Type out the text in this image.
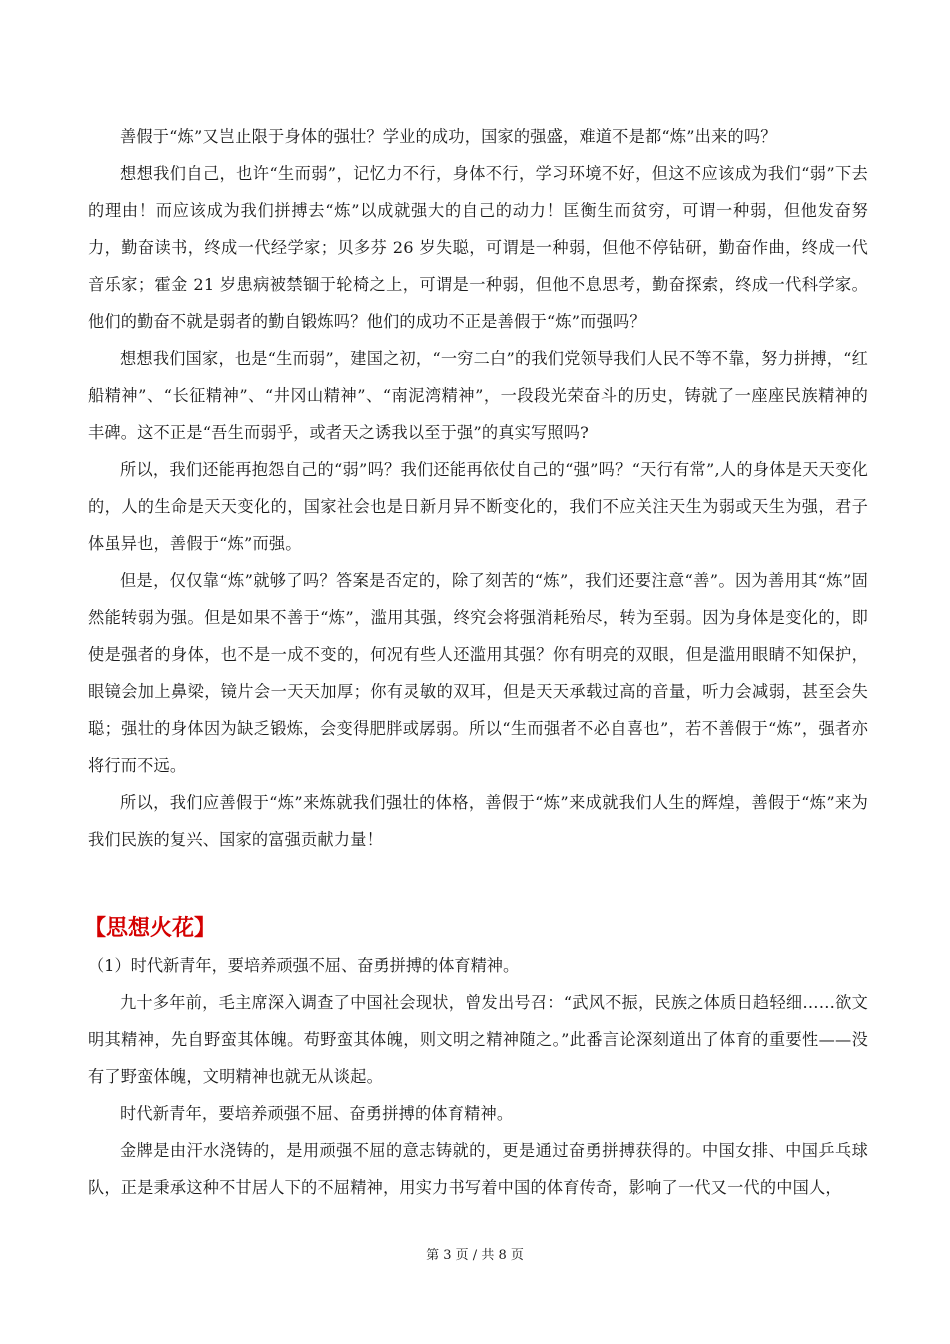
善假于“炼”又岂止限于身体的强壮？学业的成功，国家的强盛，难道不是都“炼”出来的吗？

想想我们自己，也许“生而弱”，记忆力不行，身体不行，学习环境不好，但这不应该成为我们“弱”下去的理由！而应该成为我们拼搏去“炼”以成就强大的自己的动力！匡衡生而贫穷，可谓一种弱，但他发奋努力，勤奋读书，终成一代经学家；贝多芬 26 岁失聪，可谓是一种弱，但他不停钻研，勤奋作曲，终成一代音乐家；霍金 21 岁患病被禁锢于轮椅之上，可谓是一种弱，但他不息思考，勤奋探索，终成一代科学家。他们的勤奋不就是弱者的勤自锻炼吗？他们的成功不正是善假于“炼”而强吗？

想想我们国家，也是“生而弱”，建国之初，“一穷二白”的我们党领导我们人民不等不靠，努力拼搏，“红船精神”、“长征精神”、“井冈山精神”、“南泥湾精神”，一段段光荣奋斗的历史，铸就了一座座民族精神的丰碑。这不正是“吾生而弱乎，或者天之诱我以至于强”的真实写照吗?

所以，我们还能再抱怨自己的“弱”吗？我们还能再依仗自己的“强”吗？“天行有常”,人的身体是天天变化的，人的生命是天天变化的，国家社会也是日新月异不断变化的，我们不应关注天生为弱或天生为强，君子体虽异也，善假于“炼”而强。

但是，仅仅靠“炼”就够了吗？答案是否定的，除了刻苦的“炼”，我们还要注意“善”。因为善用其“炼”固然能转弱为强。但是如果不善于“炼”，滥用其强，终究会将强消耗殆尽，转为至弱。因为身体是变化的，即使是强者的身体，也不是一成不变的，何况有些人还滥用其强？你有明亮的双眼，但是滥用眼睛不知保护，眼镜会加上鼻梁，镜片会一天天加厚；你有灵敏的双耳，但是天天承载过高的音量，听力会减弱，甚至会失聪；强壮的身体因为缺乏锻炼，会变得肥胖或孱弱。所以“生而强者不必自喜也”，若不善假于“炼”，强者亦将行而不远。

所以，我们应善假于“炼”来炼就我们强壮的体格，善假于“炼”来成就我们人生的辉煌，善假于“炼”来为我们民族的复兴、国家的富强贡献力量！

【思想火花】

（1）时代新青年，要培养顽强不屈、奋勇拼搏的体育精神。

九十多年前，毛主席深入调查了中国社会现状，曾发出号召：“武风不振，民族之体质日趋轻细……欲文明其精神，先自野蛮其体魄。苟野蛮其体魄，则文明之精神随之。”此番言论深刻道出了体育的重要性——没有了野蛮体魄，文明精神也就无从谈起。

时代新青年，要培养顽强不屈、奋勇拼搏的体育精神。

金牌是由汗水浇铸的，是用顽强不屈的意志铸就的，更是通过奋勇拼搏获得的。中国女排、中国乒乓球队，正是秉承这种不甘居人下的不屈精神，用实力书写着中国的体育传奇，影响了一代又一代的中国人，

第 3 页 / 共 8 页
